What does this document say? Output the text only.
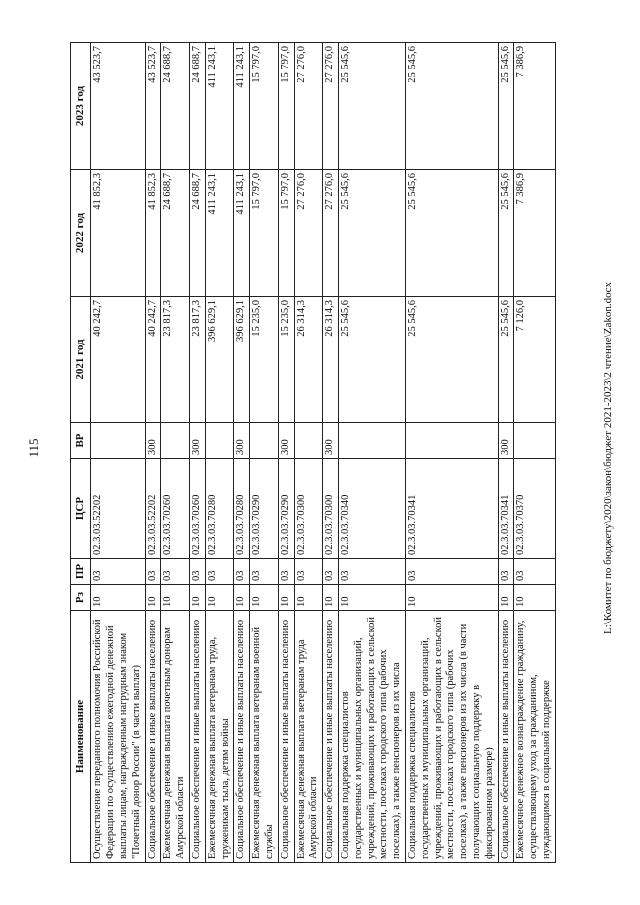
115
Наименование	Рз	ПР	ЦСР	ВР	2021 год	2022 год	2023 год
Осуществление переданного полномочия Российской Федерации по осуществлению ежегодной денежной выплаты лицам, награжденным нагрудным знаком "Почетный донор России" (в части выплат)	10	03	02.3.03.52202		40 242,7	41 852,3	43 523,7
Социальное обеспечение и иные выплаты населению	10	03	02.3.03.52202	300	40 242,7	41 852,3	43 523,7
Ежемесячная денежная выплата почетным донорам Амурской области	10	03	02.3.03.70260		23 817,3	24 688,7	24 688,7
Социальное обеспечение и иные выплаты населению	10	03	02.3.03.70260	300	23 817,3	24 688,7	24 688,7
Ежемесячная денежная выплата ветеранам труда, труженикам тыла, детям войны	10	03	02.3.03.70280		396 629,1	411 243,1	411 243,1
Социальное обеспечение и иные выплаты населению	10	03	02.3.03.70280	300	396 629,1	411 243,1	411 243,1
Ежемесячная денежная выплата ветеранам военной службы	10	03	02.3.03.70290		15 235,0	15 797,0	15 797,0
Социальное обеспечение и иные выплаты населению	10	03	02.3.03.70290	300	15 235,0	15 797,0	15 797,0
Ежемесячная денежная выплата ветеранам труда Амурской области	10	03	02.3.03.70300		26 314,3	27 276,0	27 276,0
Социальное обеспечение и иные выплаты населению	10	03	02.3.03.70300	300	26 314,3	27 276,0	27 276,0
Социальная поддержка специалистов государственных и муниципальных организаций, учреждений, проживающих и работающих в сельской местности, поселках городского типа (рабочих поселках), а также пенсионеров из их числа	10	03	02.3.03.70340		25 545,6	25 545,6	25 545,6
Социальная поддержка специалистов государственных и муниципальных организаций, учреждений, проживающих и работающих в сельской местности, поселках городского типа (рабочих поселках), а также пенсионеров из их числа (в части получающих социальную поддержку в фиксированном размере)	10	03	02.3.03.70341		25 545,6	25 545,6	25 545,6
Социальное обеспечение и иные выплаты населению	10	03	02.3.03.70341	300	25 545,6	25 545,6	25 545,6
Ежемесячное денежное вознаграждение гражданину, осуществляющему уход за гражданином, нуждающимся в социальной поддержке	10	03	02.3.03.70370		7 126,0	7 386,9	7 386,9
L:\Комитет по бюджету\2020\закон\бюджет 2021-2023\2 чтение\Zakon.docx
